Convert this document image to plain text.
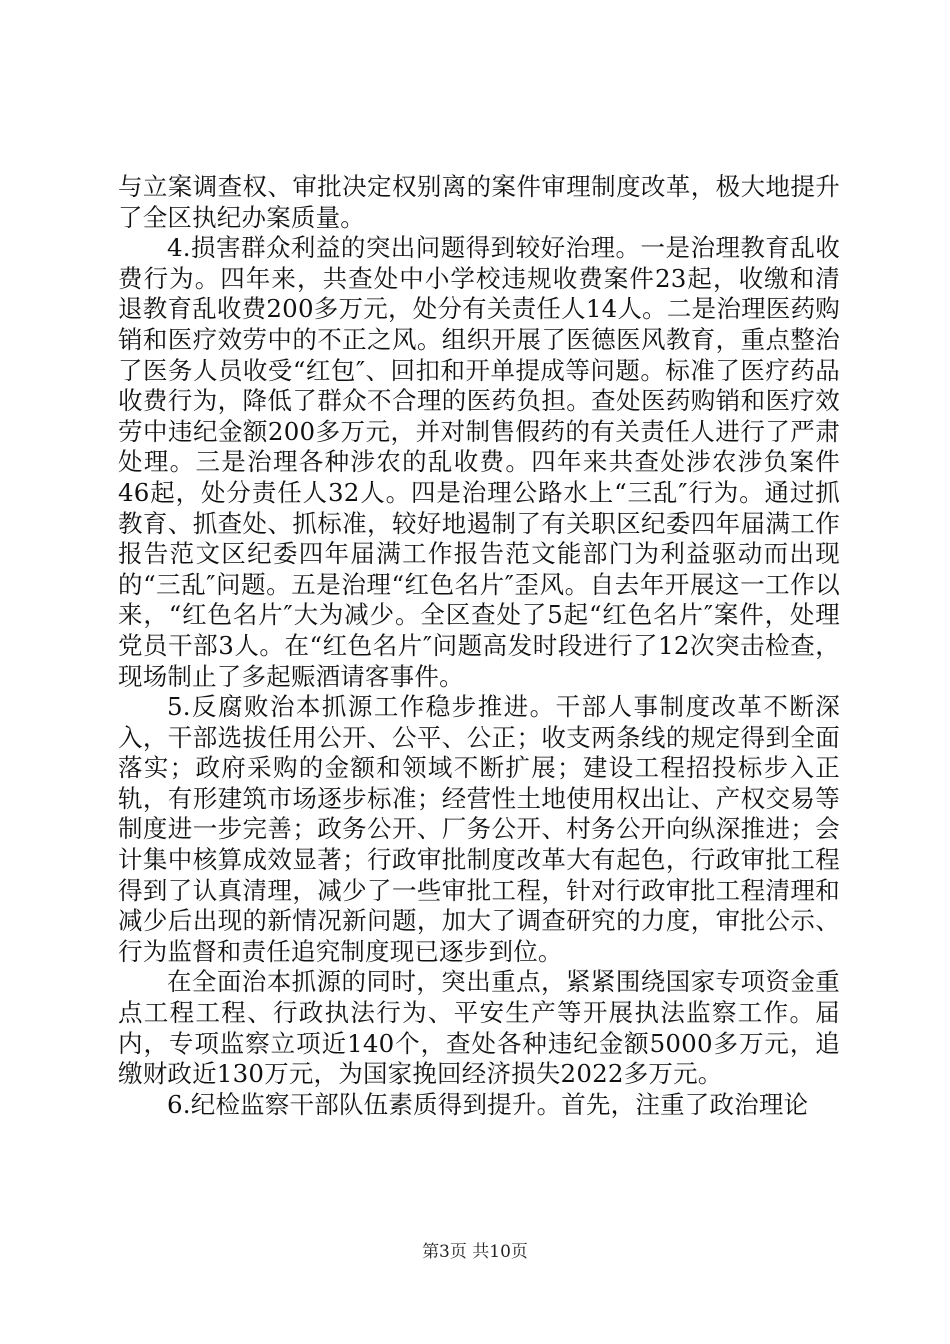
与立案调查权、审批决定权别离的案件审理制度改革，极大地提升了全区执纪办案质量。

4.损害群众利益的突出问题得到较好治理。一是治理教育乱收费行为。四年来，共查处中小学校违规收费案件23起，收缴和清退教育乱收费200多万元，处分有关责任人14人。二是治理医药购销和医疗效劳中的不正之风。组织开展了医德医风教育，重点整治了医务人员收受“红包″、回扣和开单提成等问题。标准了医疗药品收费行为，降低了群众不合理的医药负担。查处医药购销和医疗效劳中违纪金额200多万元，并对制售假药的有关责任人进行了严肃处理。三是治理各种涉农的乱收费。四年来共查处涉农涉负案件46起，处分责任人32人。四是治理公路水上“三乱″行为。通过抓教育、抓查处、抓标准，较好地遏制了有关职区纪委四年届满工作报告范文区纪委四年届满工作报告范文能部门为利益驱动而出现的“三乱″问题。五是治理“红色名片″歪风。自去年开展这一工作以来，“红色名片″大为减少。全区查处了5起“红色名片″案件，处理党员干部3人。在“红色名片″问题高发时段进行了12次突击检查，现场制止了多起赈酒请客事件。

5.反腐败治本抓源工作稳步推进。干部人事制度改革不断深入，干部选拔任用公开、公平、公正；收支两条线的规定得到全面落实；政府采购的金额和领域不断扩展；建设工程招投标步入正轨，有形建筑市场逐步标准；经营性土地使用权出让、产权交易等制度进一步完善；政务公开、厂务公开、村务公开向纵深推进；会计集中核算成效显著；行政审批制度改革大有起色，行政审批工程得到了认真清理，减少了一些审批工程，针对行政审批工程清理和减少后出现的新情况新问题，加大了调查研究的力度，审批公示、行为监督和责任追究制度现已逐步到位。

在全面治本抓源的同时，突出重点，紧紧围绕国家专项资金重点工程工程、行政执法行为、平安生产等开展执法监察工作。届内，专项监察立项近140个，查处各种违纪金额5000多万元，追缴财政近130万元，为国家挽回经济损失2022多万元。

6.纪检监察干部队伍素质得到提升。首先，注重了政治理论

第3页 共10页
